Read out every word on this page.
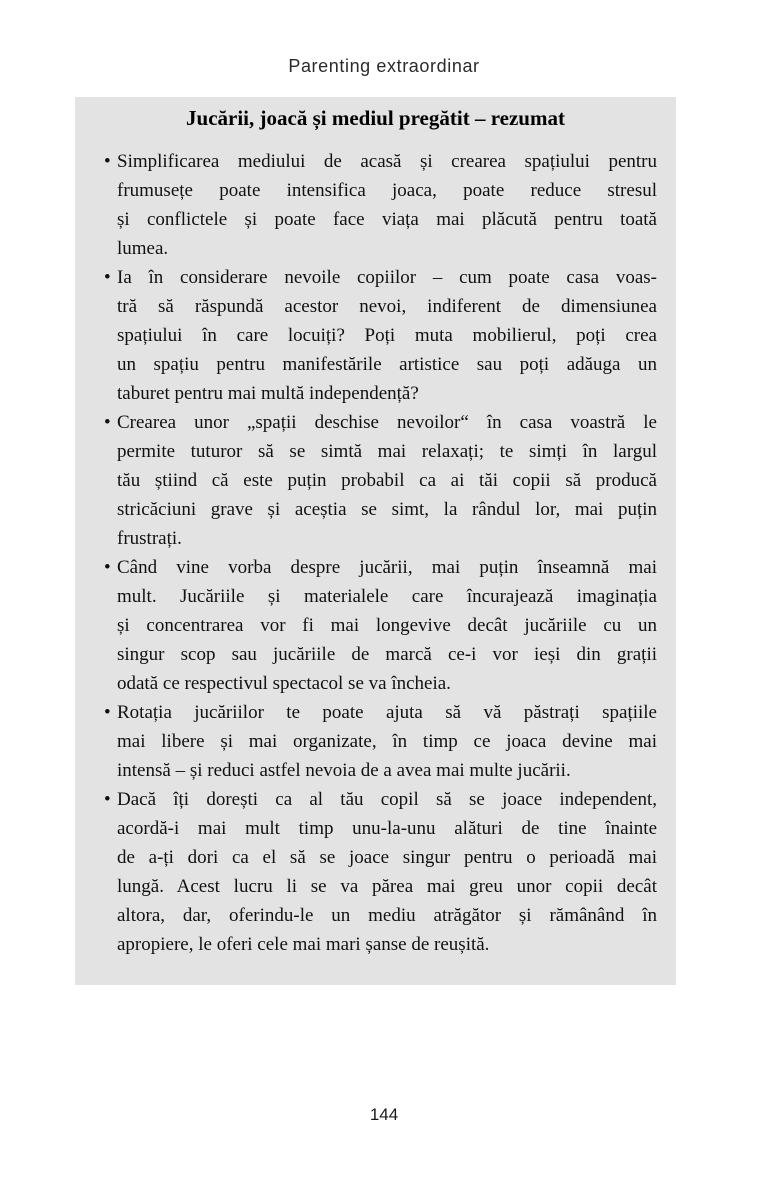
Parenting extraordinar
Jucării, joacă și mediul pregătit – rezumat
• Simplificarea mediului de acasă și crearea spațiului pentru
frumusețe poate intensifica joaca, poate reduce stresul
și conflictele și poate face viața mai plăcută pentru toată
lumea.
• Ia în considerare nevoile copiilor – cum poate casa voas-
tră să răspundă acestor nevoi, indiferent de dimensiunea
spațiului în care locuiți? Poți muta mobilierul, poți crea
un spațiu pentru manifestările artistice sau poți adăuga un
taburet pentru mai multă independență?
• Crearea unor „spații deschise nevoilor“ în casa voastră le
permite tuturor să se simtă mai relaxați; te simți în largul
tău știind că este puțin probabil ca ai tăi copii să producă
stricăciuni grave și aceștia se simt, la rândul lor, mai puțin
frustrați.
• Când vine vorba despre jucării, mai puțin înseamnă mai
mult. Jucăriile și materialele care încurajează imaginația
și concentrarea vor fi mai longevive decât jucăriile cu un
singur scop sau jucăriile de marcă ce-i vor ieși din grații
odată ce respectivul spectacol se va încheia.
• Rotația jucăriilor te poate ajuta să vă păstrați spațiile
mai libere și mai organizate, în timp ce joaca devine mai
intensă – și reduci astfel nevoia de a avea mai multe jucării.
• Dacă îți dorești ca al tău copil să se joace independent,
acordă-i mai mult timp unu-la-unu alături de tine înainte
de a-ți dori ca el să se joace singur pentru o perioadă mai
lungă. Acest lucru li se va părea mai greu unor copii decât
altora, dar, oferindu-le un mediu atrăgător și rămânând în
apropiere, le oferi cele mai mari șanse de reușită.
144
